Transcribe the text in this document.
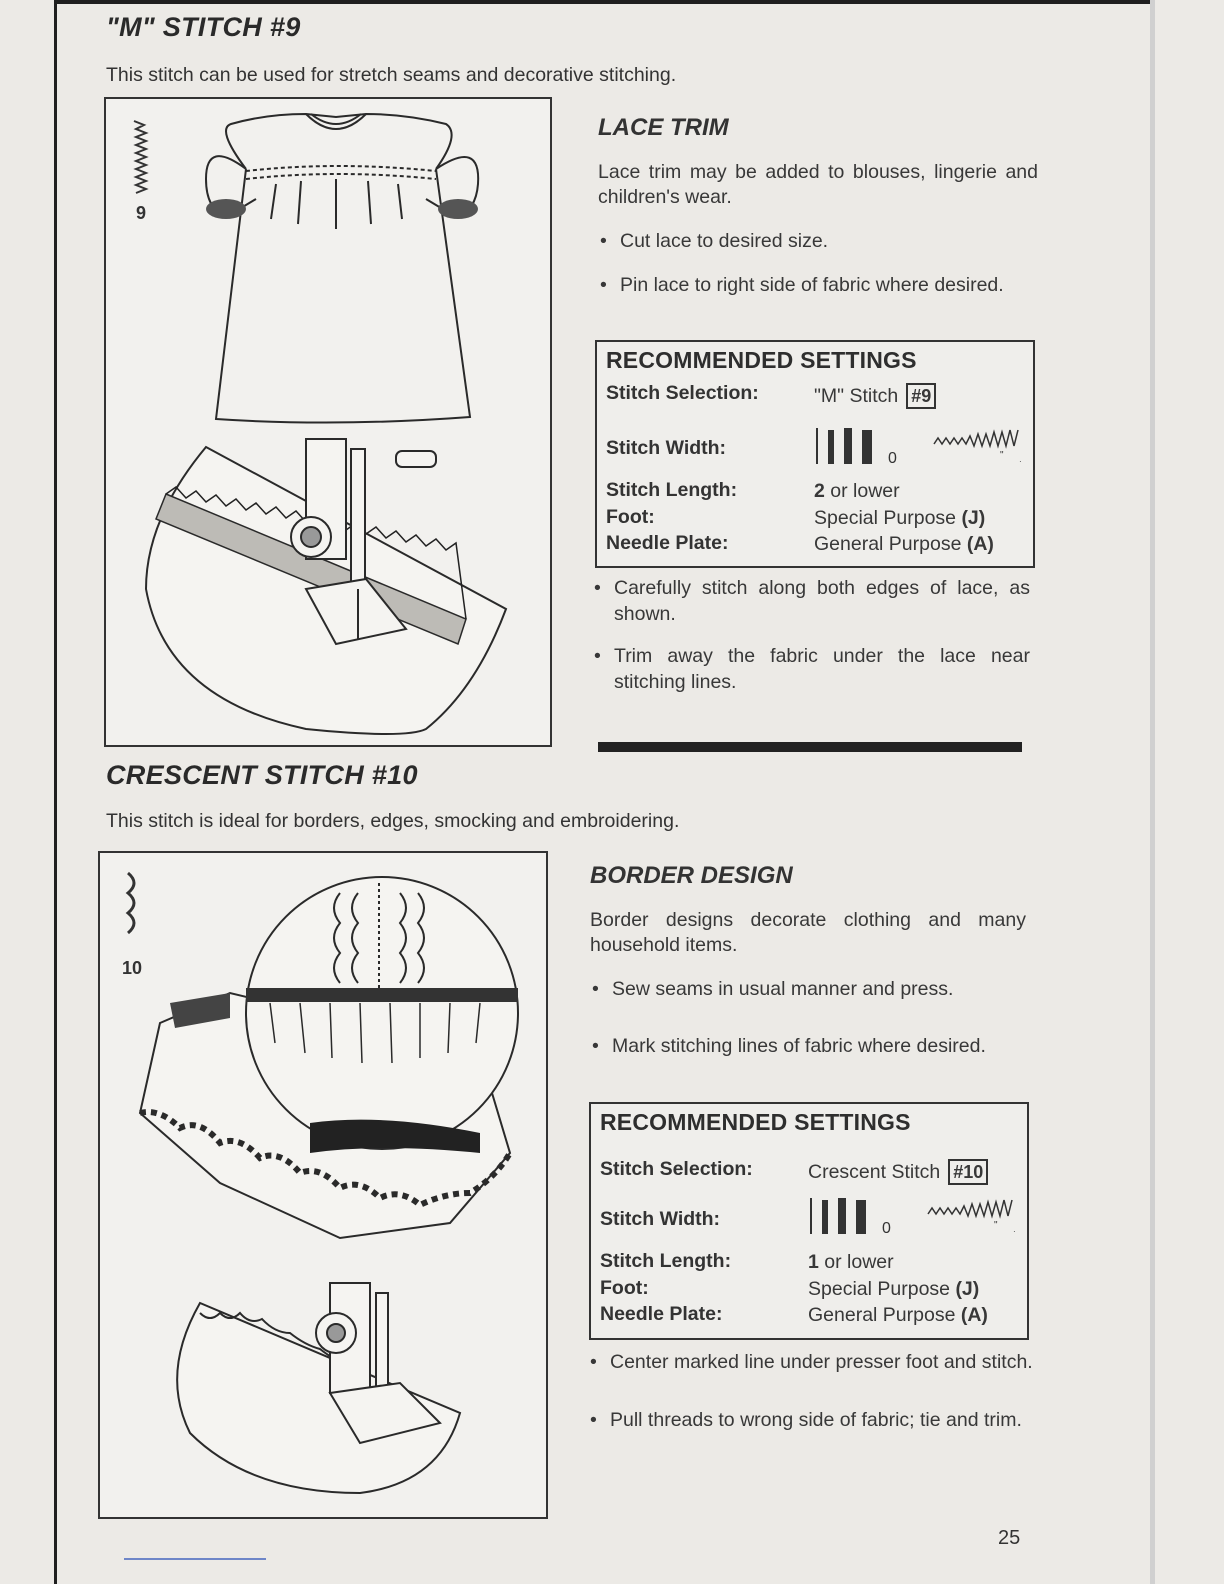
"M" STITCH #9

This stitch can be used for stretch seams and decorative stitching.

9
LACE TRIM

Lace trim may be added to blouses, lingerie and children's wear.

• Cut lace to desired size.

• Pin lace to right side of fabric where desired.

RECOMMENDED SETTINGS

Stitch Selection:	"M" Stitch #9
Stitch Width:	"
·
0
Stitch Length:	2 or lower
Foot:	Special Purpose (J)
Needle Plate:	General Purpose (A)

• Carefully stitch along both edges of lace, as shown.

• Trim away the fabric under the lace near stitching lines.

CRESCENT STITCH #10

This stitch is ideal for borders, edges, smocking and embroidering.

10
BORDER DESIGN

Border designs decorate clothing and many household items.

• Sew seams in usual manner and press.

• Mark stitching lines of fabric where desired.

RECOMMENDED SETTINGS

Stitch Selection:	Crescent Stitch #10
Stitch Width:	"
·
0
Stitch Length:	1 or lower
Foot:	Special Purpose (J)
Needle Plate:	General Purpose (A)

• Center marked line under presser foot and stitch.

• Pull threads to wrong side of fabric; tie and trim.

25
